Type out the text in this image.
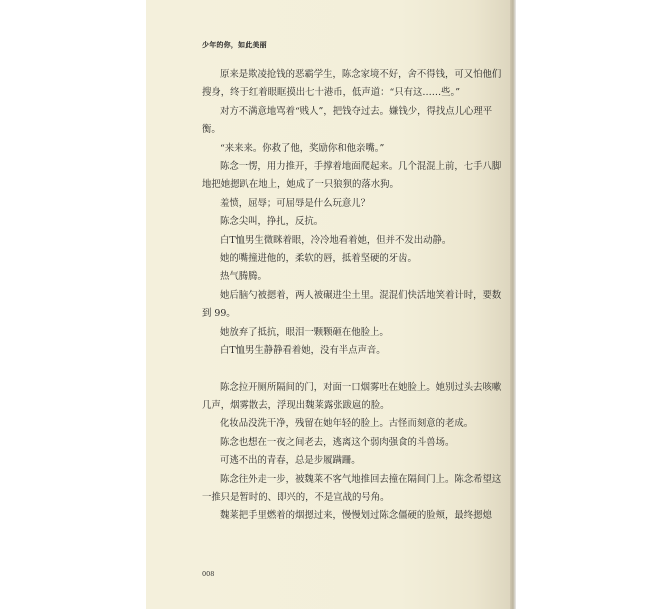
少年的你，如此美丽

原来是欺凌抢钱的恶霸学生，陈念家境不好，舍不得钱，可又怕他们搜身，终于红着眼眶摸出七十港币，低声道：“只有这……些。”

对方不满意地骂着“贱人”，把钱夺过去。嫌钱少，得找点儿心理平衡。

“来来来。你救了他，奖励你和他亲嘴。”

陈念一愣，用力推开，手撑着地面爬起来。几个混混上前，七手八脚地把她摁趴在地上，她成了一只狼狈的落水狗。

羞愤，屈辱；可屈辱是什么玩意儿？

陈念尖叫，挣扎，反抗。

白T恤男生微眯着眼，冷冷地看着她，但并不发出动静。

她的嘴撞进他的，柔软的唇，抵着坚硬的牙齿。

热气腾腾。

她后脑勺被摁着，两人被碾进尘土里。混混们快活地笑着计时，要数到 99。

她放弃了抵抗，眼泪一颗颗砸在他脸上。

白T恤男生静静看着她，没有半点声音。

陈念拉开厕所隔间的门，对面一口烟雾吐在她脸上。她别过头去咳嗽几声，烟雾散去，浮现出魏莱露张跋扈的脸。

化妆品没洗干净，残留在她年轻的脸上。古怪而刻意的老成。

陈念也想在一夜之间老去，逃离这个弱肉强食的斗兽场。

可逃不出的青春，总是步履蹒跚。

陈念往外走一步，被魏莱不客气地推回去撞在隔间门上。陈念希望这一推只是暂时的、即兴的，不是宣战的号角。

魏莱把手里燃着的烟摁过来，慢慢划过陈念僵硬的脸颊，最终摁熄

008
